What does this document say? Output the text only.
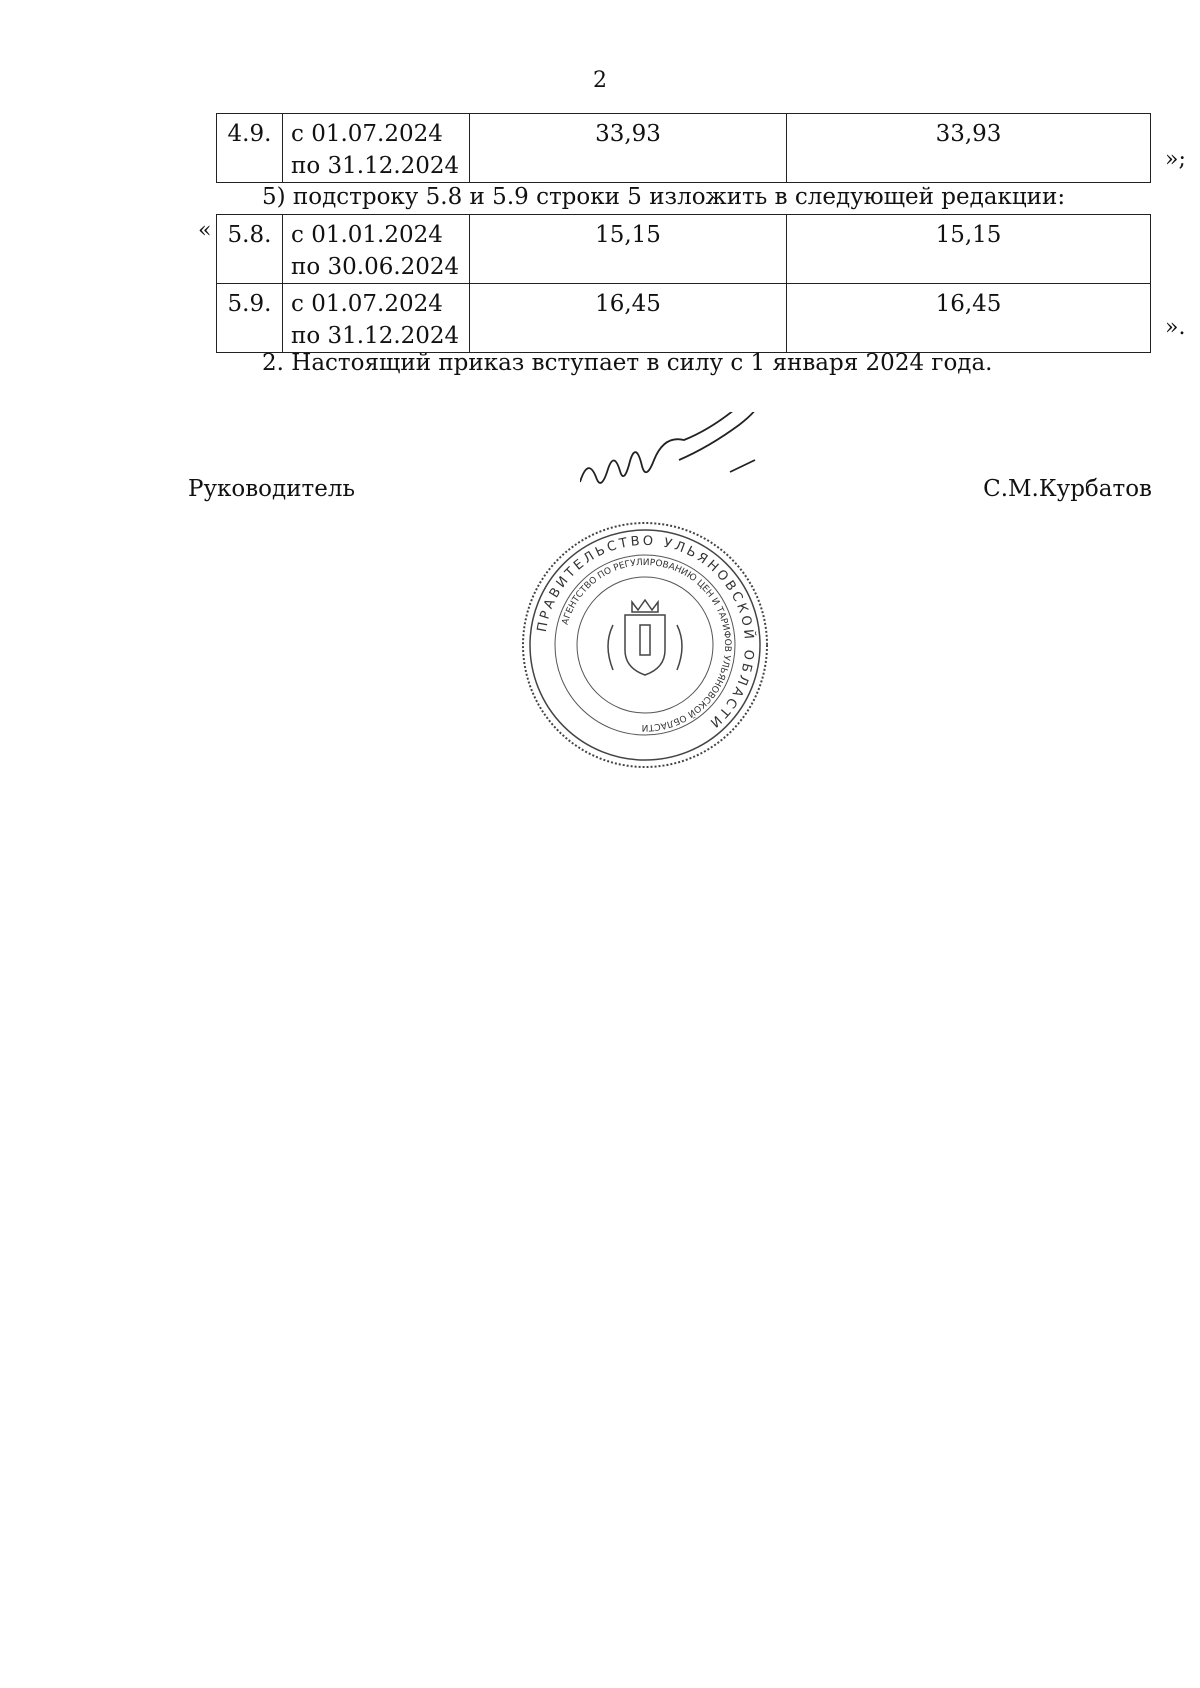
2
4.9.	с 01.07.2024
по 31.12.2024
	33,93	33,93
»;
5) подстроку 5.8 и 5.9 строки 5 изложить в следующей редакции:
« 5.8.	с 01.01.2024
по 30.06.2024	15,15	15,15
5.9.	с 01.07.2024
по 31.12.2024	16,45	16,45
».
2. Настоящий приказ вступает в силу с 1 января 2024 года.
Руководитель	С.М.Курбатов
ПРАВИТЕЛЬСТВО УЛЬЯНОВСКОЙ ОБЛАСТИ
АГЕНТСТВО ПО РЕГУЛИРОВАНИЮ ЦЕН И ТАРИФОВ УЛЬЯНОВСКОЙ ОБЛАСТИ
